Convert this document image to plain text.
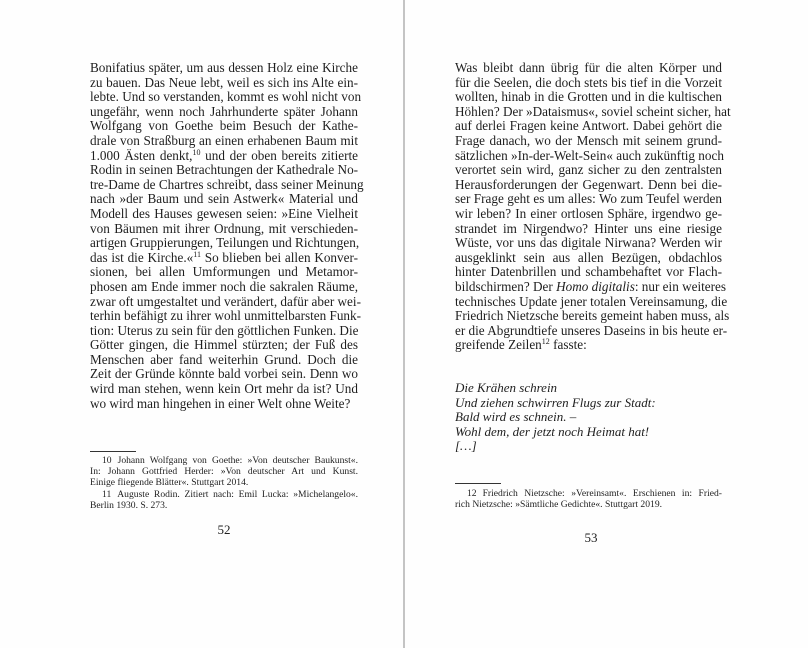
Bonifatius später, um aus dessen Holz eine Kirche
zu bauen. Das Neue lebt, weil es sich ins Alte ein-
lebte. Und so verstanden, kommt es wohl nicht von
ungefähr, wenn noch Jahrhunderte später Johann
Wolfgang von Goethe beim Besuch der Kathe-
drale von Straßburg an einen erhabenen Baum mit
1.000 Ästen denkt,$^{10}$ und der oben bereits zitierte
Rodin in seinen Betrachtungen der Kathedrale No-
tre-Dame de Chartres schreibt, dass seiner Meinung
nach »der Baum und sein Astwerk« Material und
Modell des Hauses gewesen seien: »Eine Vielheit
von Bäumen mit ihrer Ordnung, mit verschieden-
artigen Gruppierungen, Teilungen und Richtungen,
das ist die Kirche.«$^{11}$ So blieben bei allen Konver-
sionen, bei allen Umformungen und Metamor-
phosen am Ende immer noch die sakralen Räume,
zwar oft umgestaltet und verändert, dafür aber wei-
terhin befähigt zu ihrer wohl unmittelbarsten Funk-
tion: Uterus zu sein für den göttlichen Funken. Die
Götter gingen, die Himmel stürzten; der Fuß des
Menschen aber fand weiterhin Grund. Doch die
Zeit der Gründe könnte bald vorbei sein. Denn wo
wird man stehen, wenn kein Ort mehr da ist? Und
wo wird man hingehen in einer Welt ohne Weite?
10 Johann Wolfgang von Goethe: »Von deutscher Baukunst«.
In: Johann Gottfried Herder: »Von deutscher Art und Kunst.
Einige fliegende Blätter«. Stuttgart 2014.
11 Auguste Rodin. Zitiert nach: Emil Lucka: »Michelangelo«.
Berlin 1930. S. 273.
52
Was bleibt dann übrig für die alten Körper und
für die Seelen, die doch stets bis tief in die Vorzeit
wollten, hinab in die Grotten und in die kultischen
Höhlen? Der »Dataismus«, soviel scheint sicher, hat
auf derlei Fragen keine Antwort. Dabei gehört die
Frage danach, wo der Mensch mit seinem grund-
sätzlichen »In-der-Welt-Sein« auch zukünftig noch
verortet sein wird, ganz sicher zu den zentralsten
Herausforderungen der Gegenwart. Denn bei die-
ser Frage geht es um alles: Wo zum Teufel werden
wir leben? In einer ortlosen Sphäre, irgendwo ge-
strandet im Nirgendwo? Hinter uns eine riesige
Wüste, vor uns das digitale Nirwana? Werden wir
ausgeklinkt sein aus allen Bezügen, obdachlos
hinter Datenbrillen und schambehaftet vor Flach-
bildschirmen? Der Homo digitalis: nur ein weiteres
technisches Update jener totalen Vereinsamung, die
Friedrich Nietzsche bereits gemeint haben muss, als
er die Abgrundtiefe unseres Daseins in bis heute er-
greifende Zeilen$^{12}$ fasste:
Die Krähen schrein
Und ziehen schwirren Flugs zur Stadt:
Bald wird es schnein. –
Wohl dem, der jetzt noch Heimat hat!
[…]
12 Friedrich Nietzsche: »Vereinsamt«. Erschienen in: Fried-
rich Nietzsche: »Sämtliche Gedichte«. Stuttgart 2019.
53
